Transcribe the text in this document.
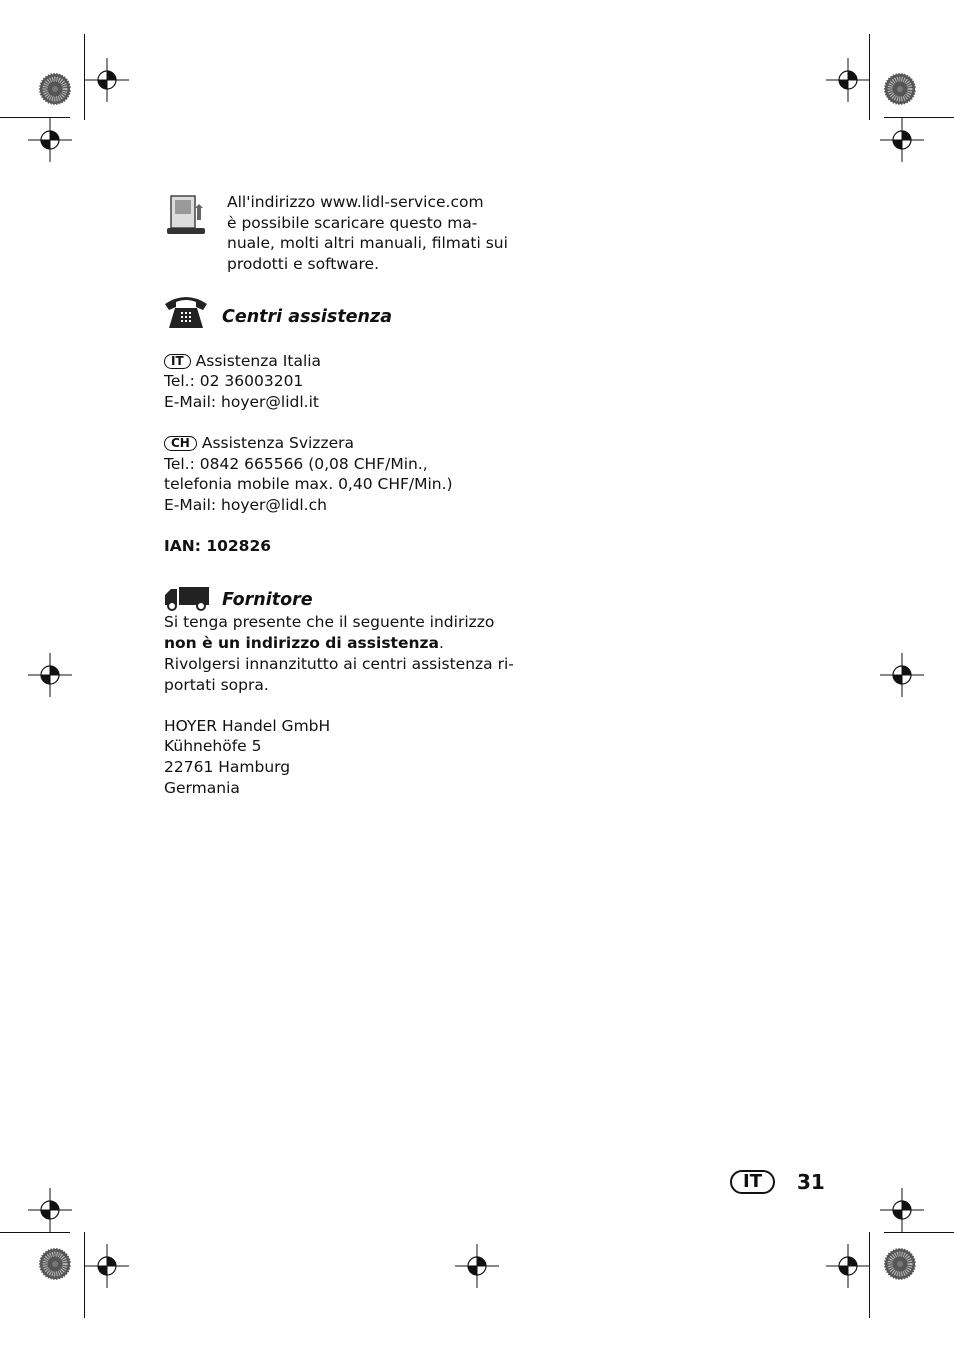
All'indirizzo www.lidl-service.com
è possibile scaricare questo ma-
nuale, molti altri manuali, filmati sui
prodotti e software.
Centri assistenza
IT Assistenza Italia
Tel.: 02 36003201
E-Mail: hoyer@lidl.it
CH Assistenza Svizzera
Tel.: 0842 665566 (0,08 CHF/Min.,
telefonia mobile max. 0,40 CHF/Min.)
E-Mail: hoyer@lidl.ch
IAN: 102826
Fornitore
Si tenga presente che il seguente indirizzo
non è un indirizzo di assistenza.
Rivolgersi innanzitutto ai centri assistenza ri-
portati sopra.
HOYER Handel GmbH
Kühnehöfe 5
22761 Hamburg
Germania
IT 31
